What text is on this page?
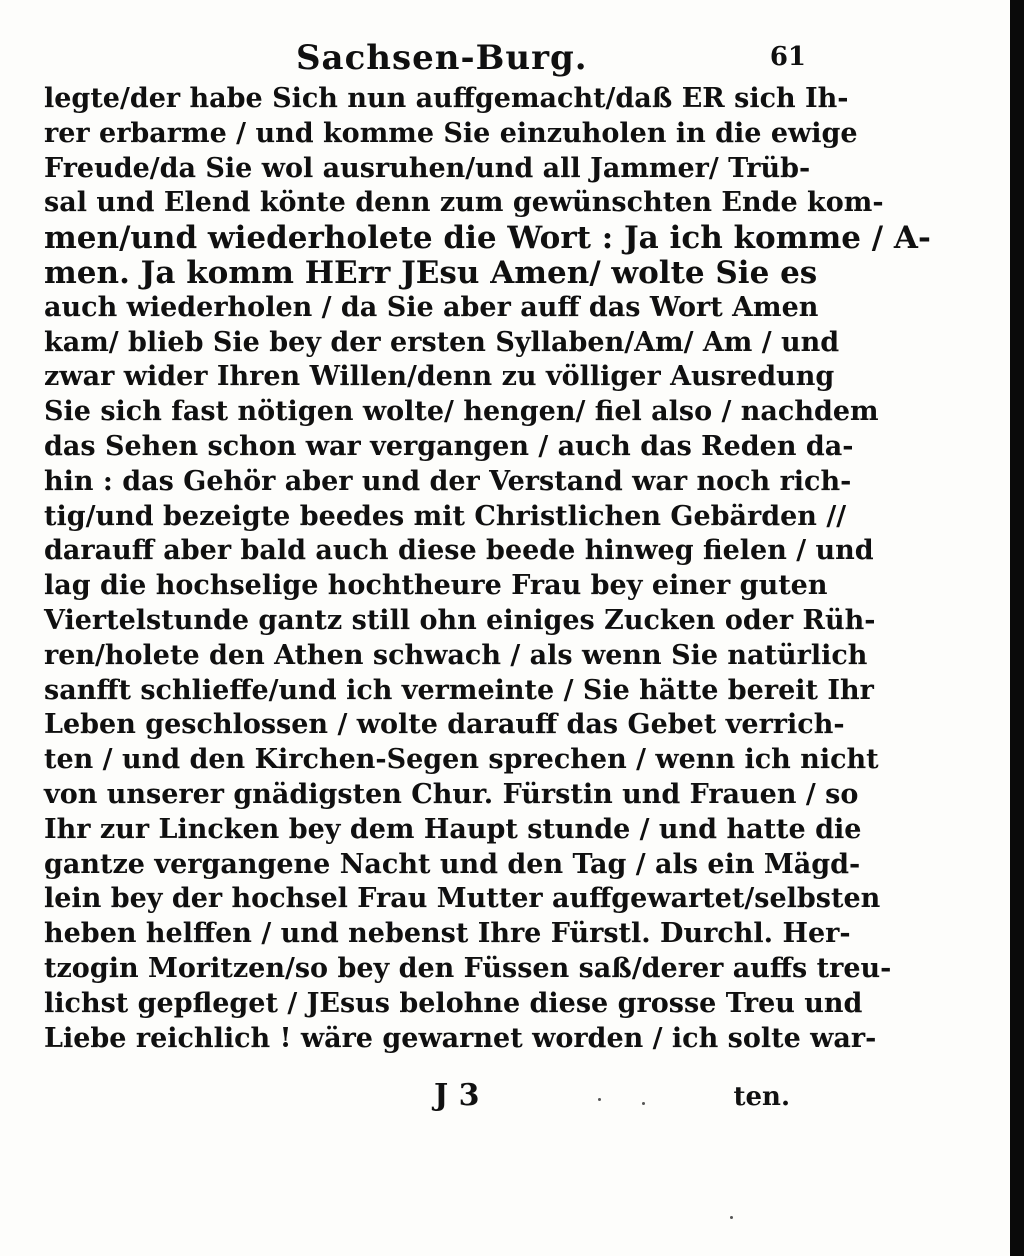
Sachsen-Burg.	61
legte/der habe Sich nun auffgemacht/daß ER sich Ih-
rer erbarme / und komme Sie einzuholen in die ewige
Freude/da Sie wol ausruhen/und all Jammer/ Trüb-
sal und Elend könte denn zum gewünschten Ende kom-
men/und wiederholete die Wort : Ja ich komme / A-
men. Ja komm HErr JEsu Amen/ wolte Sie es
auch wiederholen / da Sie aber auff das Wort Amen
kam/ blieb Sie bey der ersten Syllaben/Am/ Am / und
zwar wider Ihren Willen/denn zu völliger Ausredung
Sie sich fast nötigen wolte/ hengen/ fiel also / nachdem
das Sehen schon war vergangen / auch das Reden da-
hin : das Gehör aber und der Verstand war noch rich-
tig/und bezeigte beedes mit Christlichen Gebärden //
darauff aber bald auch diese beede hinweg fielen / und
lag die hochselige hochtheure Frau bey einer guten
Viertelstunde gantz still ohn einiges Zucken oder Rüh-
ren/holete den Athen schwach / als wenn Sie natürlich
sanfft schlieffe/und ich vermeinte / Sie hätte bereit Ihr
Leben geschlossen / wolte darauff das Gebet verrich-
ten / und den Kirchen-Segen sprechen / wenn ich nicht
von unserer gnädigsten Chur. Fürstin und Frauen / so
Ihr zur Lincken bey dem Haupt stunde / und hatte die
gantze vergangene Nacht und den Tag / als ein Mägd-
lein bey der hochsel Frau Mutter auffgewartet/selbsten
heben helffen / und nebenst Ihre Fürstl. Durchl. Her-
tzogin Moritzen/so bey den Füssen saß/derer auffs treu-
lichst gepfleget / JEsus belohne diese grosse Treu und
Liebe reichlich ! wäre gewarnet worden / ich solte war-
J 3	ten.
